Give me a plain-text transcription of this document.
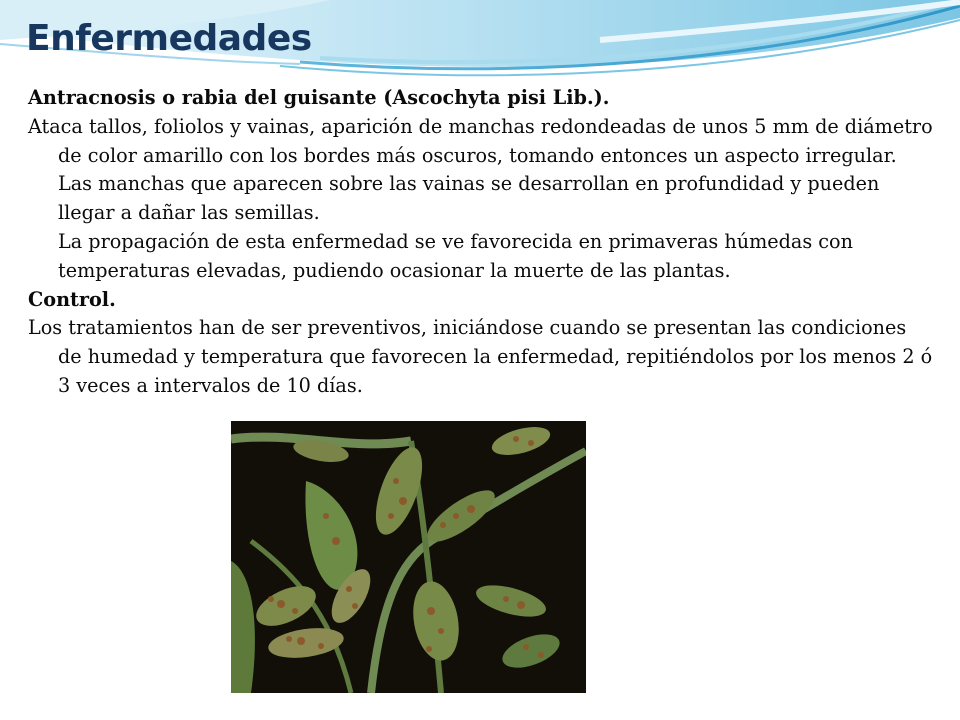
Enfermedades

Antracnosis o rabia del guisante (Ascochyta pisi Lib.).

Ataca tallos, foliolos y vainas, aparición de manchas redondeadas de unos 5 mm de diámetro de color amarillo con los bordes más oscuros, tomando entonces un aspecto irregular. Las manchas que aparecen sobre las vainas se desarrollan en profundidad y pueden llegar a dañar las semillas.

La propagación de esta enfermedad se ve favorecida en primaveras húmedas con temperaturas elevadas, pudiendo ocasionar la muerte de las plantas.

Control.

Los tratamientos han de ser preventivos, iniciándose cuando se presentan las condiciones de humedad y temperatura que favorecen la enfermedad, repitiéndolos por los menos 2 ó 3 veces a intervalos de 10 días.
